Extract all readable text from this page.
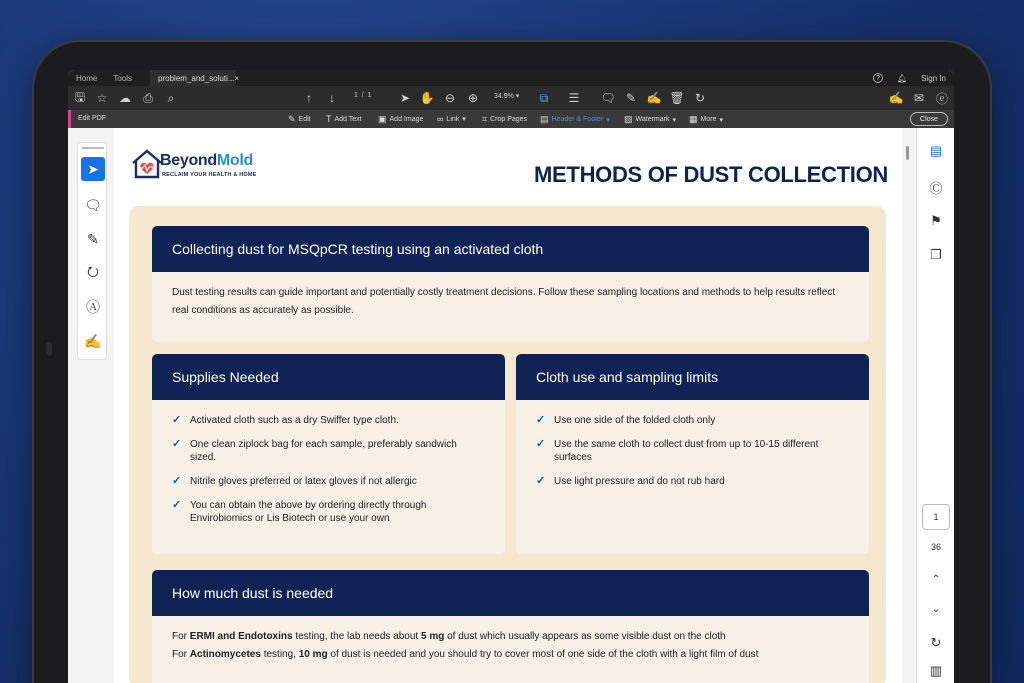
Home	Tools	problem_and_soluti... ×	?	🔔︎ Sign In
🖫︎ ☆ ☁ ⎙	⌕	↑	↓	1 / 1 ➤ ✋ ⊖ ⊕	34.9% ▾	⧉	☰ 🗨︎ ✎ ✍ 🗑︎ ↻	✍ ✉ ⓔ
Edit PDF	✎ Edit T Add Text ▣ Add Image ∞ Link ▾ ⌗ Crop Pages ▤ Header & Footer ▾ ▧ Watermark ▾ ▦ More ▾	Close
BeyondMold
RECLAIM YOUR HEALTH & HOME	METHODS OF DUST COLLECTION
Collecting dust for MSQpCR testing using an activated cloth
Dust testing results can guide important and potentially costly treatment decisions. Follow these sampling locations and methods to help results reflect real conditions as accurately as possible.
Supplies Needed
✓ Activated cloth such as a dry Swiffer type cloth.
✓ One clean ziplock bag for each sample, preferably sandwich sized.
✓ Nitrile gloves preferred or latex gloves if not allergic
✓ You can obtain the above by ordering directly through Envirobiomics or Lis Biotech or use your own
Cloth use and sampling limits
✓ Use one side of the folded cloth only
✓ Use the same cloth to collect dust from up to 10-15 different surfaces
✓ Use light pressure and do not rub hard
How much dust is needed
For ERMI and Endotoxins testing, the lab needs about 5 mg of dust which usually appears as some visible dust on the cloth
For Actinomycetes testing, 10 mg of dust is needed and you should try to cover most of one side of the cloth with a light film of dust
➤
🗨︎
✎
⭮
Ⓐ
✍
▤
Ⓒ
⚑
❐
1
36
⌃
⌄
↻
▥
